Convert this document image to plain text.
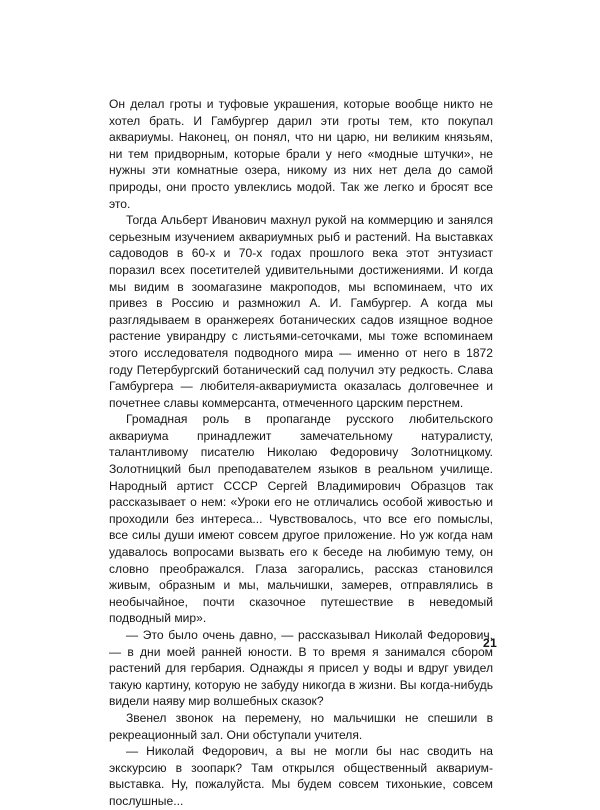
Он делал гроты и туфовые украшения, которые вообще никто не хотел брать. И Гамбургер дарил эти гроты тем, кто покупал аквариумы. Наконец, он понял, что ни царю, ни великим князьям, ни тем придворным, которые брали у него «модные штучки», не нужны эти комнатные озера, никому из них нет дела до самой природы, они просто увлеклись модой. Так же легко и бросят все это.

Тогда Альберт Иванович махнул рукой на коммерцию и занялся серьезным изучением аквариумных рыб и растений. На выставках садоводов в 60-х и 70-х годах прошлого века этот энтузиаст поразил всех посетителей удивительными достижениями. И когда мы видим в зоомагазине макроподов, мы вспоминаем, что их привез в Россию и размножил А. И. Гамбургер. А когда мы разглядываем в оранжереях ботанических садов изящное водное растение увирандру с листьями-сеточками, мы тоже вспоминаем этого исследователя подводного мира — именно от него в 1872 году Петербургский ботанический сад получил эту редкость. Слава Гамбургера — любителя-аквариумиста оказалась долговечнее и почетнее славы коммерсанта, отмеченного царским перстнем.

Громадная роль в пропаганде русского любительского аквариума принадлежит замечательному натуралисту, талантливому писателю Николаю Федоровичу Золотницкому. Золотницкий был преподавателем языков в реальном училище. Народный артист СССР Сергей Владимирович Образцов так рассказывает о нем: «Уроки его не отличались особой живостью и проходили без интереса... Чувствовалось, что все его помыслы, все силы души имеют совсем другое приложение. Но уж когда нам удавалось вопросами вызвать его к беседе на любимую тему, он словно преображался. Глаза загорались, рассказ становился живым, образным и мы, мальчишки, замерев, отправлялись в необычайное, почти сказочное путешествие в неведомый подводный мир».

— Это было очень давно, — рассказывал Николай Федорович, — в дни моей ранней юности. В то время я занимался сбором растений для гербария. Однажды я присел у воды и вдруг увидел такую картину, которую не забуду никогда в жизни. Вы когда-нибудь видели наяву мир волшебных сказок?

Звенел звонок на перемену, но мальчишки не спешили в рекреационный зал. Они обступали учителя.

— Николай Федорович, а вы не могли бы нас сводить на экскурсию в зоопарк? Там открылся общественный аквариум-выставка. Ну, пожалуйста. Мы будем совсем тихонькие, совсем послушные...

21
